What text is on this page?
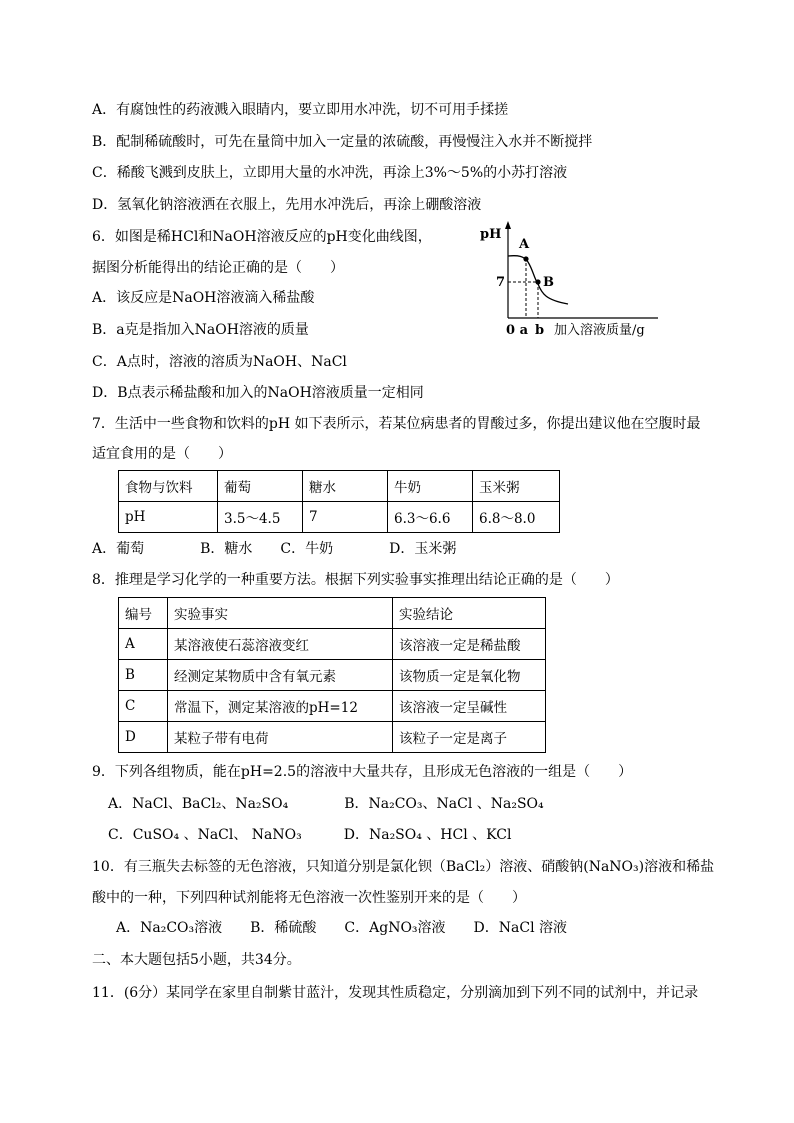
A．有腐蚀性的药液溅入眼睛内，要立即用水冲洗，切不可用手揉搓
B．配制稀硫酸时，可先在量筒中加入一定量的浓硫酸，再慢慢注入水并不断搅拌
C．稀酸飞溅到皮肤上，立即用大量的水冲洗，再涂上3%～5%的小苏打溶液
D．氢氧化钠溶液洒在衣服上，先用水冲洗后，再涂上硼酸溶液
6．如图是稀HCl和NaOH溶液反应的pH变化曲线图，
据图分析能得出的结论正确的是（　　）
A．该反应是NaOH溶液滴入稀盐酸
B．a克是指加入NaOH溶液的质量
C．A点时，溶液的溶质为NaOH、NaCl
D．B点表示稀盐酸和加入的NaOH溶液质量一定相同
pH
7
A
B
0 a b 加入溶液质量/g
7．生活中一些食物和饮料的pH 如下表所示，若某位病患者的胃酸过多，你提出建议他在空腹时最
适宜食用的是（　　）
食物与饮料	葡萄	糖水	牛奶	玉米粥
pH	3.5～4.5	7	6.3～6.6	6.8～8.0
A．葡萄　　　　B．糖水　　C．牛奶　　　　D．玉米粥
8．推理是学习化学的一种重要方法。根据下列实验事实推理出结论正确的是（　　）
编号	实验事实	实验结论
A	某溶液使石蕊溶液变红	该溶液一定是稀盐酸
B	经测定某物质中含有氧元素	该物质一定是氧化物
C	常温下，测定某溶液的pH=12	该溶液一定呈碱性
D	某粒子带有电荷	该粒子一定是离子
9．下列各组物质，能在pH=2.5的溶液中大量共存，且形成无色溶液的一组是（　　）
A．NaCl、BaCl₂、Na₂SO₄　　　　B．Na₂CO₃、NaCl 、Na₂SO₄
C．CuSO₄ 、NaCl、 NaNO₃　　　D．Na₂SO₄ 、HCl 、KCl
10．有三瓶失去标签的无色溶液，只知道分别是氯化钡（BaCl₂）溶液、硝酸钠(NaNO₃)溶液和稀盐
酸中的一种，下列四种试剂能将无色溶液一次性鉴别开来的是（　　）
A．Na₂CO₃溶液　　B．稀硫酸　　C．AgNO₃溶液　　D．NaCl 溶液
二、本大题包括5小题，共34分。
11．(6分）某同学在家里自制紫甘蓝汁，发现其性质稳定，分别滴加到下列不同的试剂中，并记录
